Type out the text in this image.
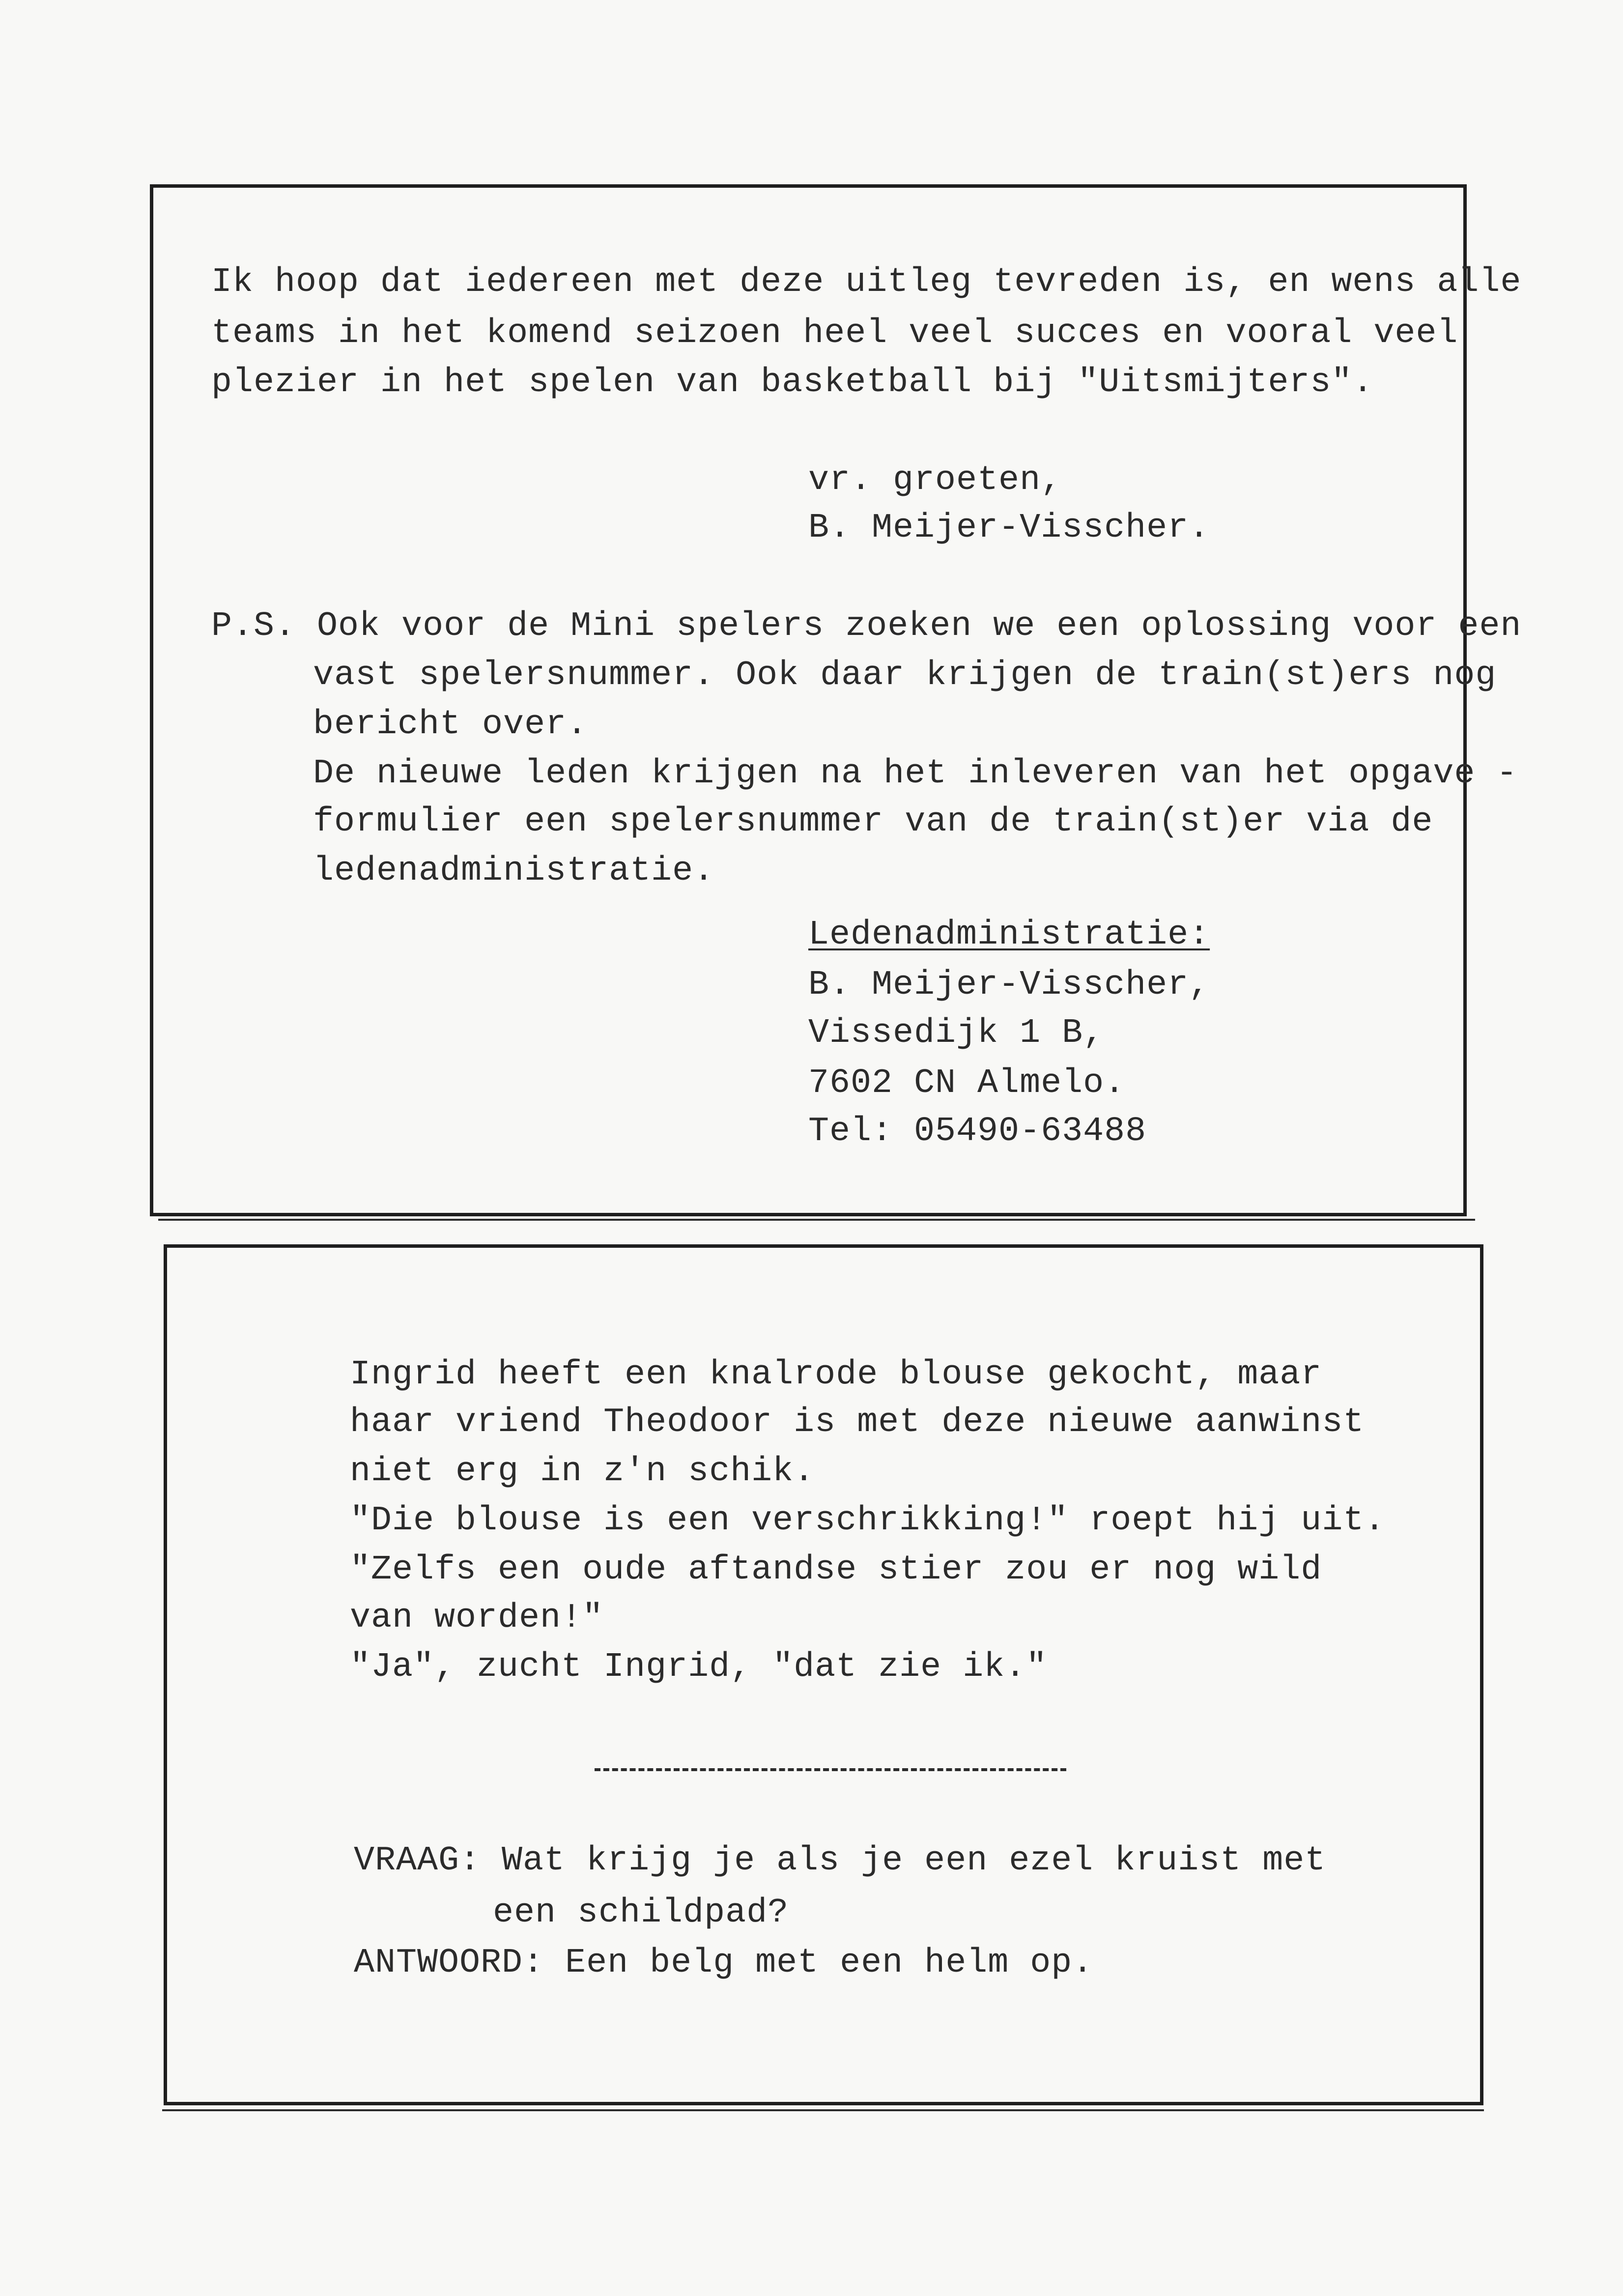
Ik hoop dat iedereen met deze uitleg tevreden is, en wens alle
teams in het komend seizoen heel veel succes en vooral veel
plezier in het spelen van basketball bij "Uitsmijters".
vr. groeten,
B. Meijer-Visscher.
P.S. Ook voor de Mini spelers zoeken we een oplossing voor een
vast spelersnummer. Ook daar krijgen de train(st)ers nog
bericht over.
De nieuwe leden krijgen na het inleveren van het opgave -
formulier een spelersnummer van de train(st)er via de
ledenadministratie.
Ledenadministratie:
B. Meijer-Visscher,
Vissedijk 1 B,
7602 CN Almelo.
Tel: 05490-63488
Ingrid heeft een knalrode blouse gekocht, maar
haar vriend Theodoor is met deze nieuwe aanwinst
niet erg in z'n schik.
"Die blouse is een verschrikking!" roept hij uit.
"Zelfs een oude aftandse stier zou er nog wild
van worden!"
"Ja", zucht Ingrid, "dat zie ik."
VRAAG: Wat krijg je als je een ezel kruist met
een schildpad?
ANTWOORD: Een belg met een helm op.
